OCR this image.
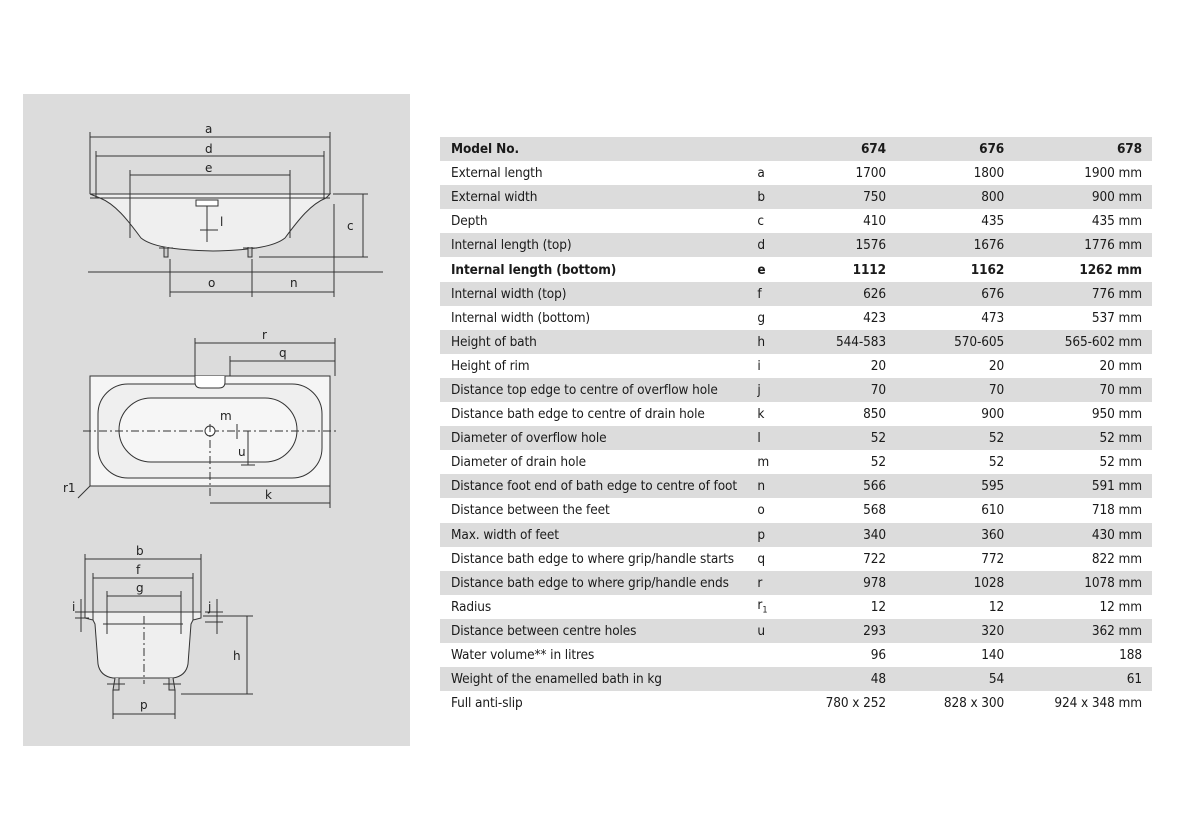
a
d
e
l	c
o	n
r
q
m
u
k
r1
b
f
g
i	j
h
p
Model No.		674	676	678
External length	a	1700	1800	1900 mm
External width	b	750	800	900 mm
Depth	c	410	435	435 mm
Internal length (top)	d	1576	1676	1776 mm
Internal length (bottom)	e	1112	1162	1262 mm
Internal width (top)	f	626	676	776 mm
Internal width (bottom)	g	423	473	537 mm
Height of bath	h	544-583	570-605	565-602 mm
Height of rim	i	20	20	20 mm
Distance top edge to centre of overflow hole	j	70	70	70 mm
Distance bath edge to centre of drain hole	k	850	900	950 mm
Diameter of overflow hole	l	52	52	52 mm
Diameter of drain hole	m	52	52	52 mm
Distance foot end of bath edge to centre of foot	n	566	595	591 mm
Distance between the feet	o	568	610	718 mm
Max. width of feet	p	340	360	430 mm
Distance bath edge to where grip/handle starts	q	722	772	822 mm
Distance bath edge to where grip/handle ends	r	978	1028	1078 mm
Radius	$r_1$	12	12	12 mm
Distance between centre holes	u	293	320	362 mm
Water volume** in litres		96	140	188
Weight of the enamelled bath in kg		48	54	61
Full anti-slip		780 x 252	828 x 300	924 x 348 mm
